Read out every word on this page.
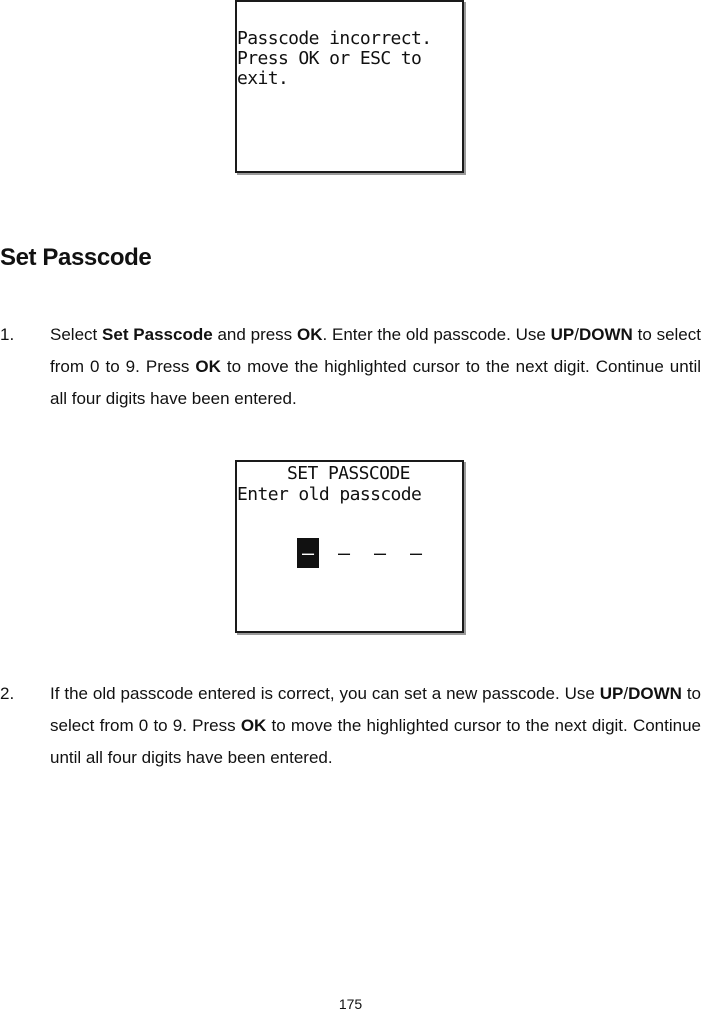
Passcode incorrect.
Press OK or ESC to
exit.
Set Passcode
1. Select Set Passcode and press OK. Enter the old passcode. Use UP/DOWN to select from 0 to 9. Press OK to move the highlighted cursor to the next digit. Continue until all four digits have been entered.
SET PASSCODE
Enter old passcode
— — — —
2. If the old passcode entered is correct, you can set a new passcode. Use UP/DOWN to select from 0 to 9. Press OK to move the highlighted cursor to the next digit. Continue until all four digits have been entered.
175
